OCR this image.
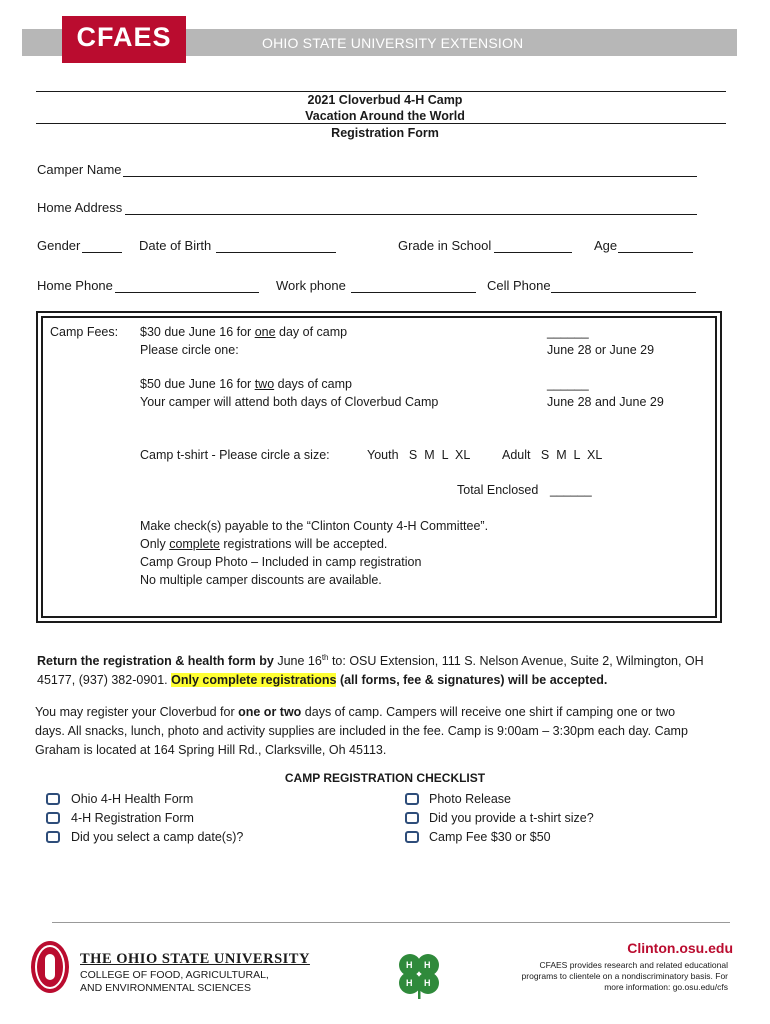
OHIO STATE UNIVERSITY EXTENSION
CFAES
2021 Cloverbud 4-H Camp
Vacation Around the World
Registration Form
Camper Name
Home Address
Gender	Date of Birth	Grade in School	Age
Home Phone	Work phone	Cell Phone
Camp Fees: $30 due June 16 for one day of camp
Please circle one:
______
June 28 or June 29
$50 due June 16 for two days of camp
Your camper will attend both days of Cloverbud Camp
______
June 28 and June 29
Camp t-shirt - Please circle a size:	Youth   S  M  L  XL	Adult   S  M  L  XL
Total Enclosed ______
Make check(s) payable to the “Clinton County 4-H Committee”.
Only complete registrations will be accepted.
Camp Group Photo – Included in camp registration
No multiple camper discounts are available.
Return the registration & health form by June 16th to: OSU Extension, 111 S. Nelson Avenue, Suite 2, Wilmington, OH
45177, (937) 382-0901. Only complete registrations (all forms, fee & signatures) will be accepted.
You may register your Cloverbud for one or two days of camp. Campers will receive one shirt if camping one or two
days. All snacks, lunch, photo and activity supplies are included in the fee. Camp is 9:00am – 3:30pm each day. Camp
Graham is located at 164 Spring Hill Rd., Clarksville, Oh 45113.
CAMP REGISTRATION CHECKLIST
Ohio 4-H Health Form
4-H Registration Form
Did you select a camp date(s)?
Photo Release
Did you provide a t-shirt size?
Camp Fee $30 or $50
THE OHIO STATE UNIVERSITY
COLLEGE OF FOOD, AGRICULTURAL,
AND ENVIRONMENTAL SCIENCES
H H
H H
Clinton.osu.edu
CFAES provides research and related educational
programs to clientele on a nondiscriminatory basis. For
more information: go.osu.edu/cfs
